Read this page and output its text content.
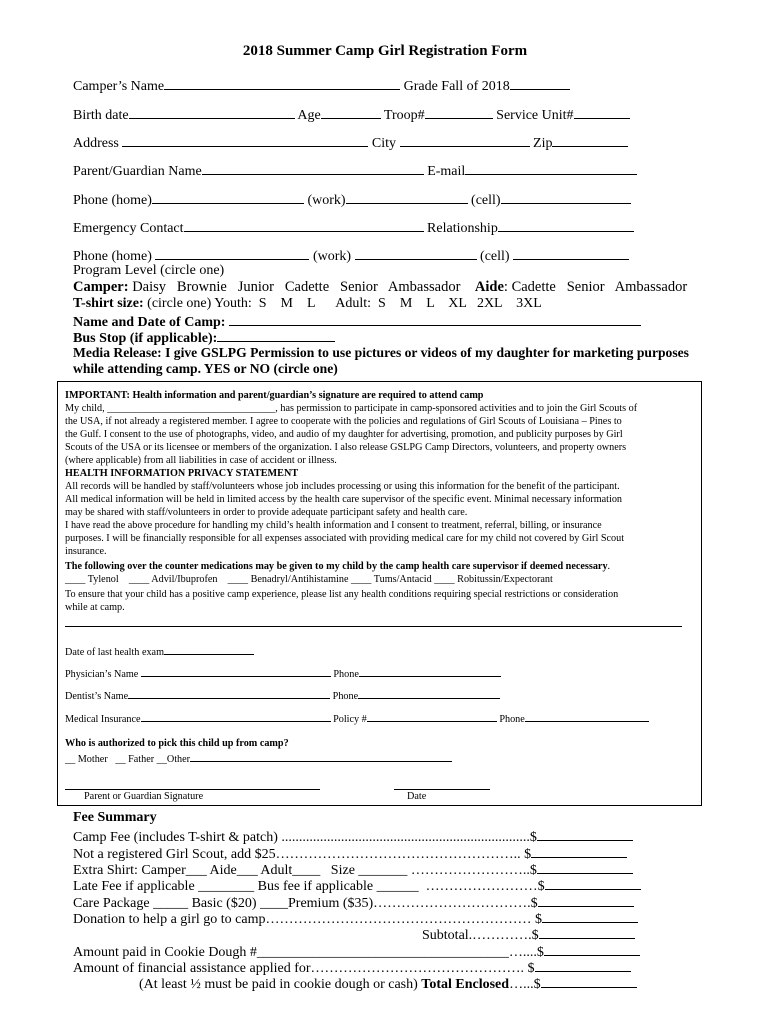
2018 Summer Camp Girl Registration Form
Camper’s Name	Grade Fall of 2018
Birth date	Age	Troop#	Service Unit#
Address	City	Zip
Parent/Guardian Name	E-mail
Phone (home)	(work)	(cell)
Emergency Contact	Relationship
Phone (home)	(work)	(cell)
Program Level (circle one)
Camper: Daisy   Brownie   Junior   Cadette   Senior   Ambassador Aide: Cadette   Senior   Ambassador
T-shirt size: (circle one) Youth:  S    M    L Adult:  S    M    L    XL   2XL    3XL
Name and Date of Camp:
Bus Stop (if applicable):
Media Release: I give GSLPG Permission to use pictures or videos of my daughter for marketing purposes
while attending camp. YES or NO (circle one)
IMPORTANT: Health information and parent/guardian’s signature are required to attend camp
My child, _________________________________, has permission to participate in camp-sponsored activities and to join the Girl Scouts of
the USA, if not already a registered member. I agree to cooperate with the policies and regulations of Girl Scouts of Louisiana – Pines to
the Gulf. I consent to the use of photographs, video, and audio of my daughter for advertising, promotion, and publicity purposes by Girl
Scouts of the USA or its licensee or members of the organization. I also release GSLPG Camp Directors, volunteers, and property owners
(where applicable) from all liabilities in case of accident or illness.
HEALTH INFORMATION PRIVACY STATEMENT
All records will be handled by staff/volunteers whose job includes processing or using this information for the benefit of the participant.
All medical information will be held in limited access by the health care supervisor of the specific event. Minimal necessary information
may be shared with staff/volunteers in order to provide adequate participant safety and health care.
I have read the above procedure for handling my child’s health information and I consent to treatment, referral, billing, or insurance
purposes. I will be financially responsible for all expenses associated with providing medical care for my child not covered by Girl Scout
insurance.
The following over the counter medications may be given to my child by the camp health care supervisor if deemed necessary.
____ Tylenol    ____ Advil/Ibuprofen    ____ Benadryl/Antihistamine ____ Tums/Antacid ____ Robitussin/Expectorant
To ensure that your child has a positive camp experience, please list any health conditions requiring special restrictions or consideration
while at camp.
Date of last health exam
Physician’s Name	Phone
Dentist’s Name	Phone
Medical Insurance	Policy #	Phone
Who is authorized to pick this child up from camp?
__ Mother   __ Father __Other
Parent or Guardian Signature	Date
Fee Summary
Camp Fee (includes T-shirt & patch) .......................................................................$
Not a registered Girl Scout, add $25…………………………………………….. $
Extra Shirt: Camper___ Aide___ Adult____   Size _______ ……………………..$
Late Fee if applicable ________ Bus fee if applicable ______  ……………………$
Care Package _____ Basic ($20) ____Premium ($35)…………………………….$
Donation to help a girl go to camp………………………………………………… $
Subtotal.………….$
Amount paid in Cookie Dough #____________________________________…....$
Amount of financial assistance applied for………………………………………. $
(At least ½ must be paid in cookie dough or cash) Total Enclosed…...$
